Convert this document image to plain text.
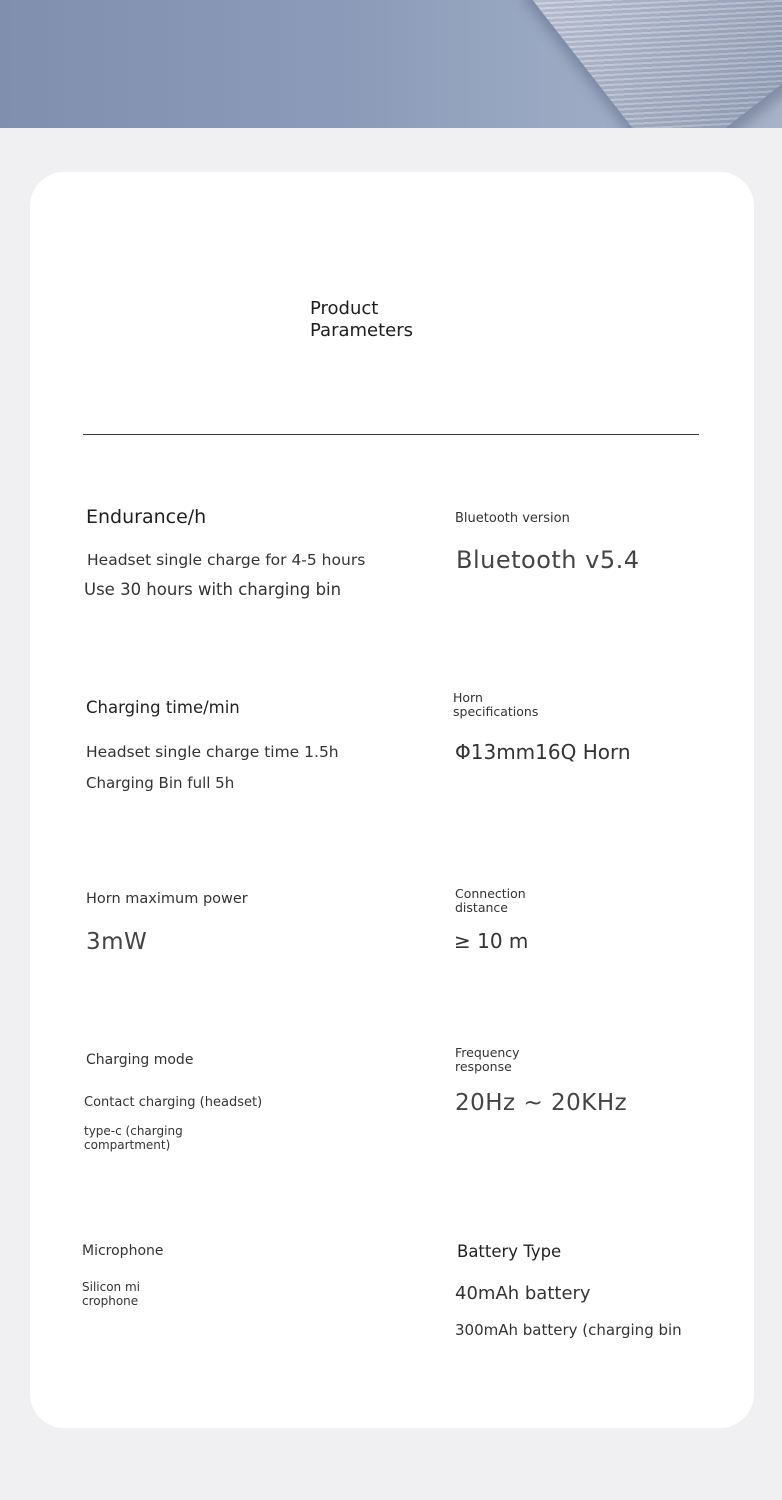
Product
Parameters
Endurance/h
Headset single charge for 4-5 hours
Use 30 hours with charging bin
Bluetooth version
Bluetooth v5.4
Charging time/min
Headset single charge time 1.5h
Charging Bin full 5h
Horn
specifications
Φ13mm16Q Horn
Horn maximum power
3mW
Connection
distance
≥ 10 m
Charging mode
Contact charging (headset)
type-c (charging
compartment)
Frequency
response
20Hz ~ 20KHz
Microphone
Silicon mi
crophone
Battery Type
40mAh battery
300mAh battery (charging bin
